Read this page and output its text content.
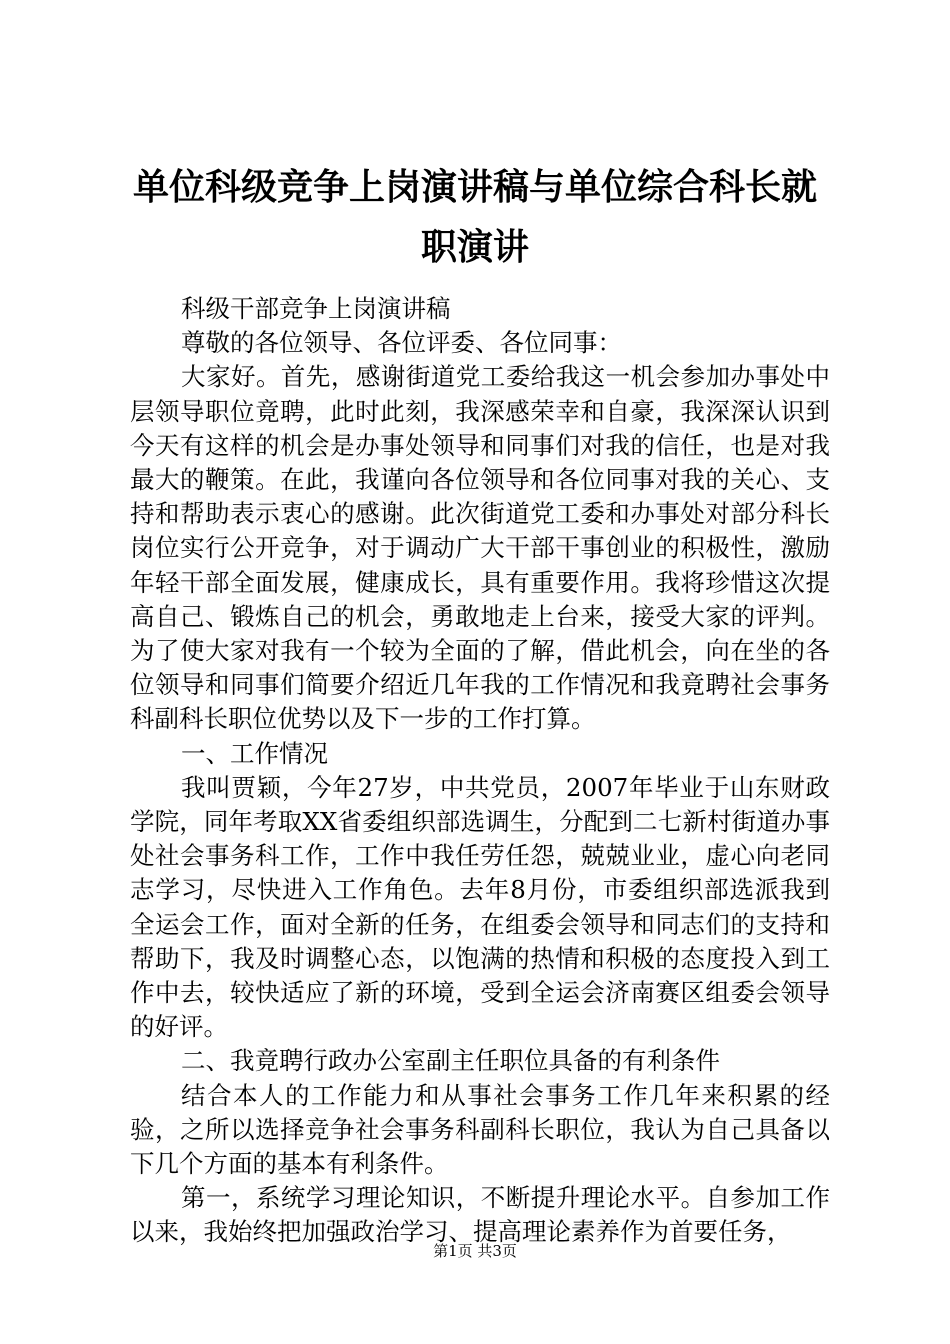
单位科级竞争上岗演讲稿与单位综合科长就职演讲

科级干部竞争上岗演讲稿

尊敬的各位领导、各位评委、各位同事：

大家好。首先，感谢街道党工委给我这一机会参加办事处中层领导职位竟聘，此时此刻，我深感荣幸和自豪，我深深认识到今天有这样的机会是办事处领导和同事们对我的信任，也是对我最大的鞭策。在此，我谨向各位领导和各位同事对我的关心、支持和帮助表示衷心的感谢。此次街道党工委和办事处对部分科长岗位实行公开竞争，对于调动广大干部干事创业的积极性，激励年轻干部全面发展，健康成长，具有重要作用。我将珍惜这次提高自己、锻炼自己的机会，勇敢地走上台来，接受大家的评判。为了使大家对我有一个较为全面的了解，借此机会，向在坐的各位领导和同事们简要介绍近几年我的工作情况和我竟聘社会事务科副科长职位优势以及下一步的工作打算。

一、工作情况

我叫贾颖，今年27岁，中共党员，2007年毕业于山东财政学院，同年考取XX省委组织部选调生，分配到二七新村街道办事处社会事务科工作，工作中我任劳任怨，兢兢业业，虚心向老同志学习，尽快进入工作角色。去年8月份，市委组织部选派我到全运会工作，面对全新的任务，在组委会领导和同志们的支持和帮助下，我及时调整心态，以饱满的热情和积极的态度投入到工作中去，较快适应了新的环境，受到全运会济南赛区组委会领导的好评。

二、我竟聘行政办公室副主任职位具备的有利条件

结合本人的工作能力和从事社会事务工作几年来积累的经验，之所以选择竞争社会事务科副科长职位，我认为自己具备以下几个方面的基本有利条件。

第一，系统学习理论知识，不断提升理论水平。自参加工作以来，我始终把加强政治学习、提高理论素养作为首要任务，

第1页 共3页
